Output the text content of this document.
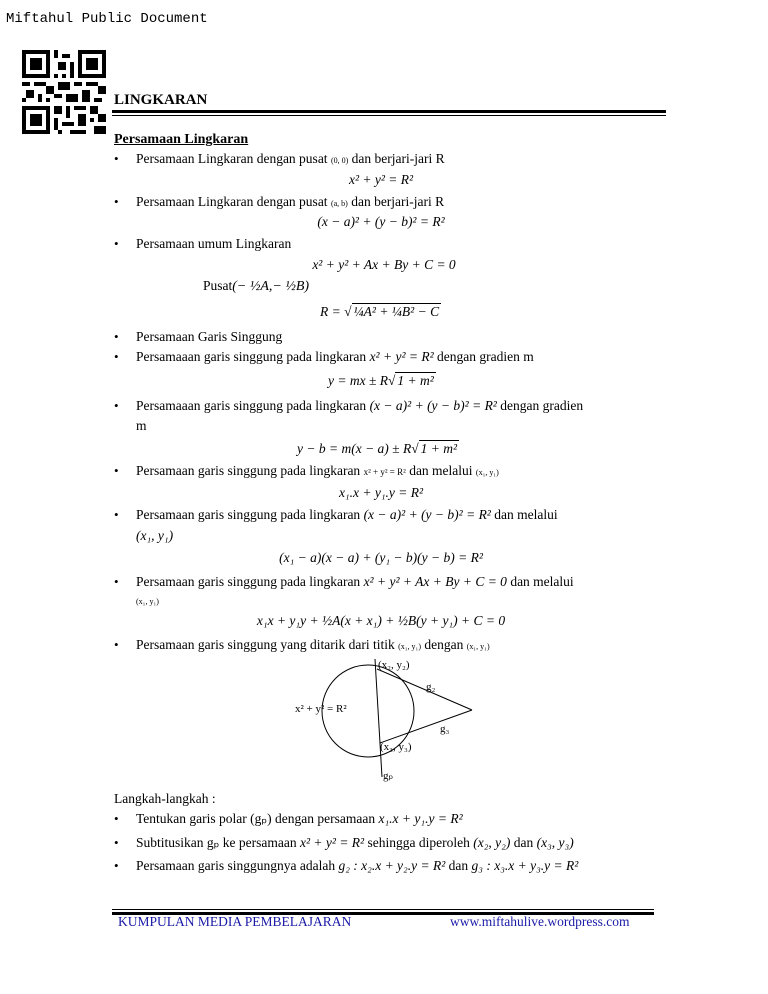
Miftahul Public Document
LINGKARAN
Persamaan Lingkaran
• Persamaan Lingkaran dengan pusat (0, 0) dan berjari-jari R
x² + y² = R²
• Persamaan Lingkaran dengan pusat (a, b) dan berjari-jari R
(x − a)² + (y − b)² = R²
• Persamaan umum Lingkaran
x² + y² + Ax + By + C = 0
Pusat(− ½A,− ½B)
R = √ ¼A² + ¼B² − C
• Persamaan Garis Singgung
• Persamaaan garis singgung pada lingkaran x² + y² = R² dengan gradien m
y = mx ± R√ 1 + m²
• Persamaaan garis singgung pada lingkaran (x − a)² + (y − b)² = R² dengan gradien
m
y − b = m(x − a) ± R√ 1 + m²
• Persamaan garis singgung pada lingkaran x² + y² = R² dan melalui (x₁, y₁)
x₁.x + y₁.y = R²
• Persamaan garis singgung pada lingkaran (x − a)² + (y − b)² = R² dan melalui
(x₁, y₁)
(x₁ − a)(x − a) + (y₁ − b)(y − b) = R²
• Persamaan garis singgung pada lingkaran x² + y² + Ax + By + C = 0 dan melalui
(x₁, y₁)
x₁x + y₁y + ½A(x + x₁) + ½B(y + y₁) + C = 0
• Persamaan garis singgung yang ditarik dari titik (x₁, y₁) dengan (x₁, y₁)
(x₂, y₂)
g₂
x² + y² = R²
g₃
(x₃, y₃)
gₚ
Langkah-langkah :
• Tentukan garis polar (gₚ) dengan persamaan x₁.x + y₁.y = R²
• Subtitusikan gₚ ke persamaan x² + y² = R² sehingga diperoleh (x₂, y₂) dan (x₃, y₃)
• Persamaan garis singgungnya adalah g₂ : x₂.x + y₂.y = R² dan g₃ : x₃.x + y₃.y = R²
KUMPULAN MEDIA PEMBELAJARAN	www.miftahulive.wordpress.com
